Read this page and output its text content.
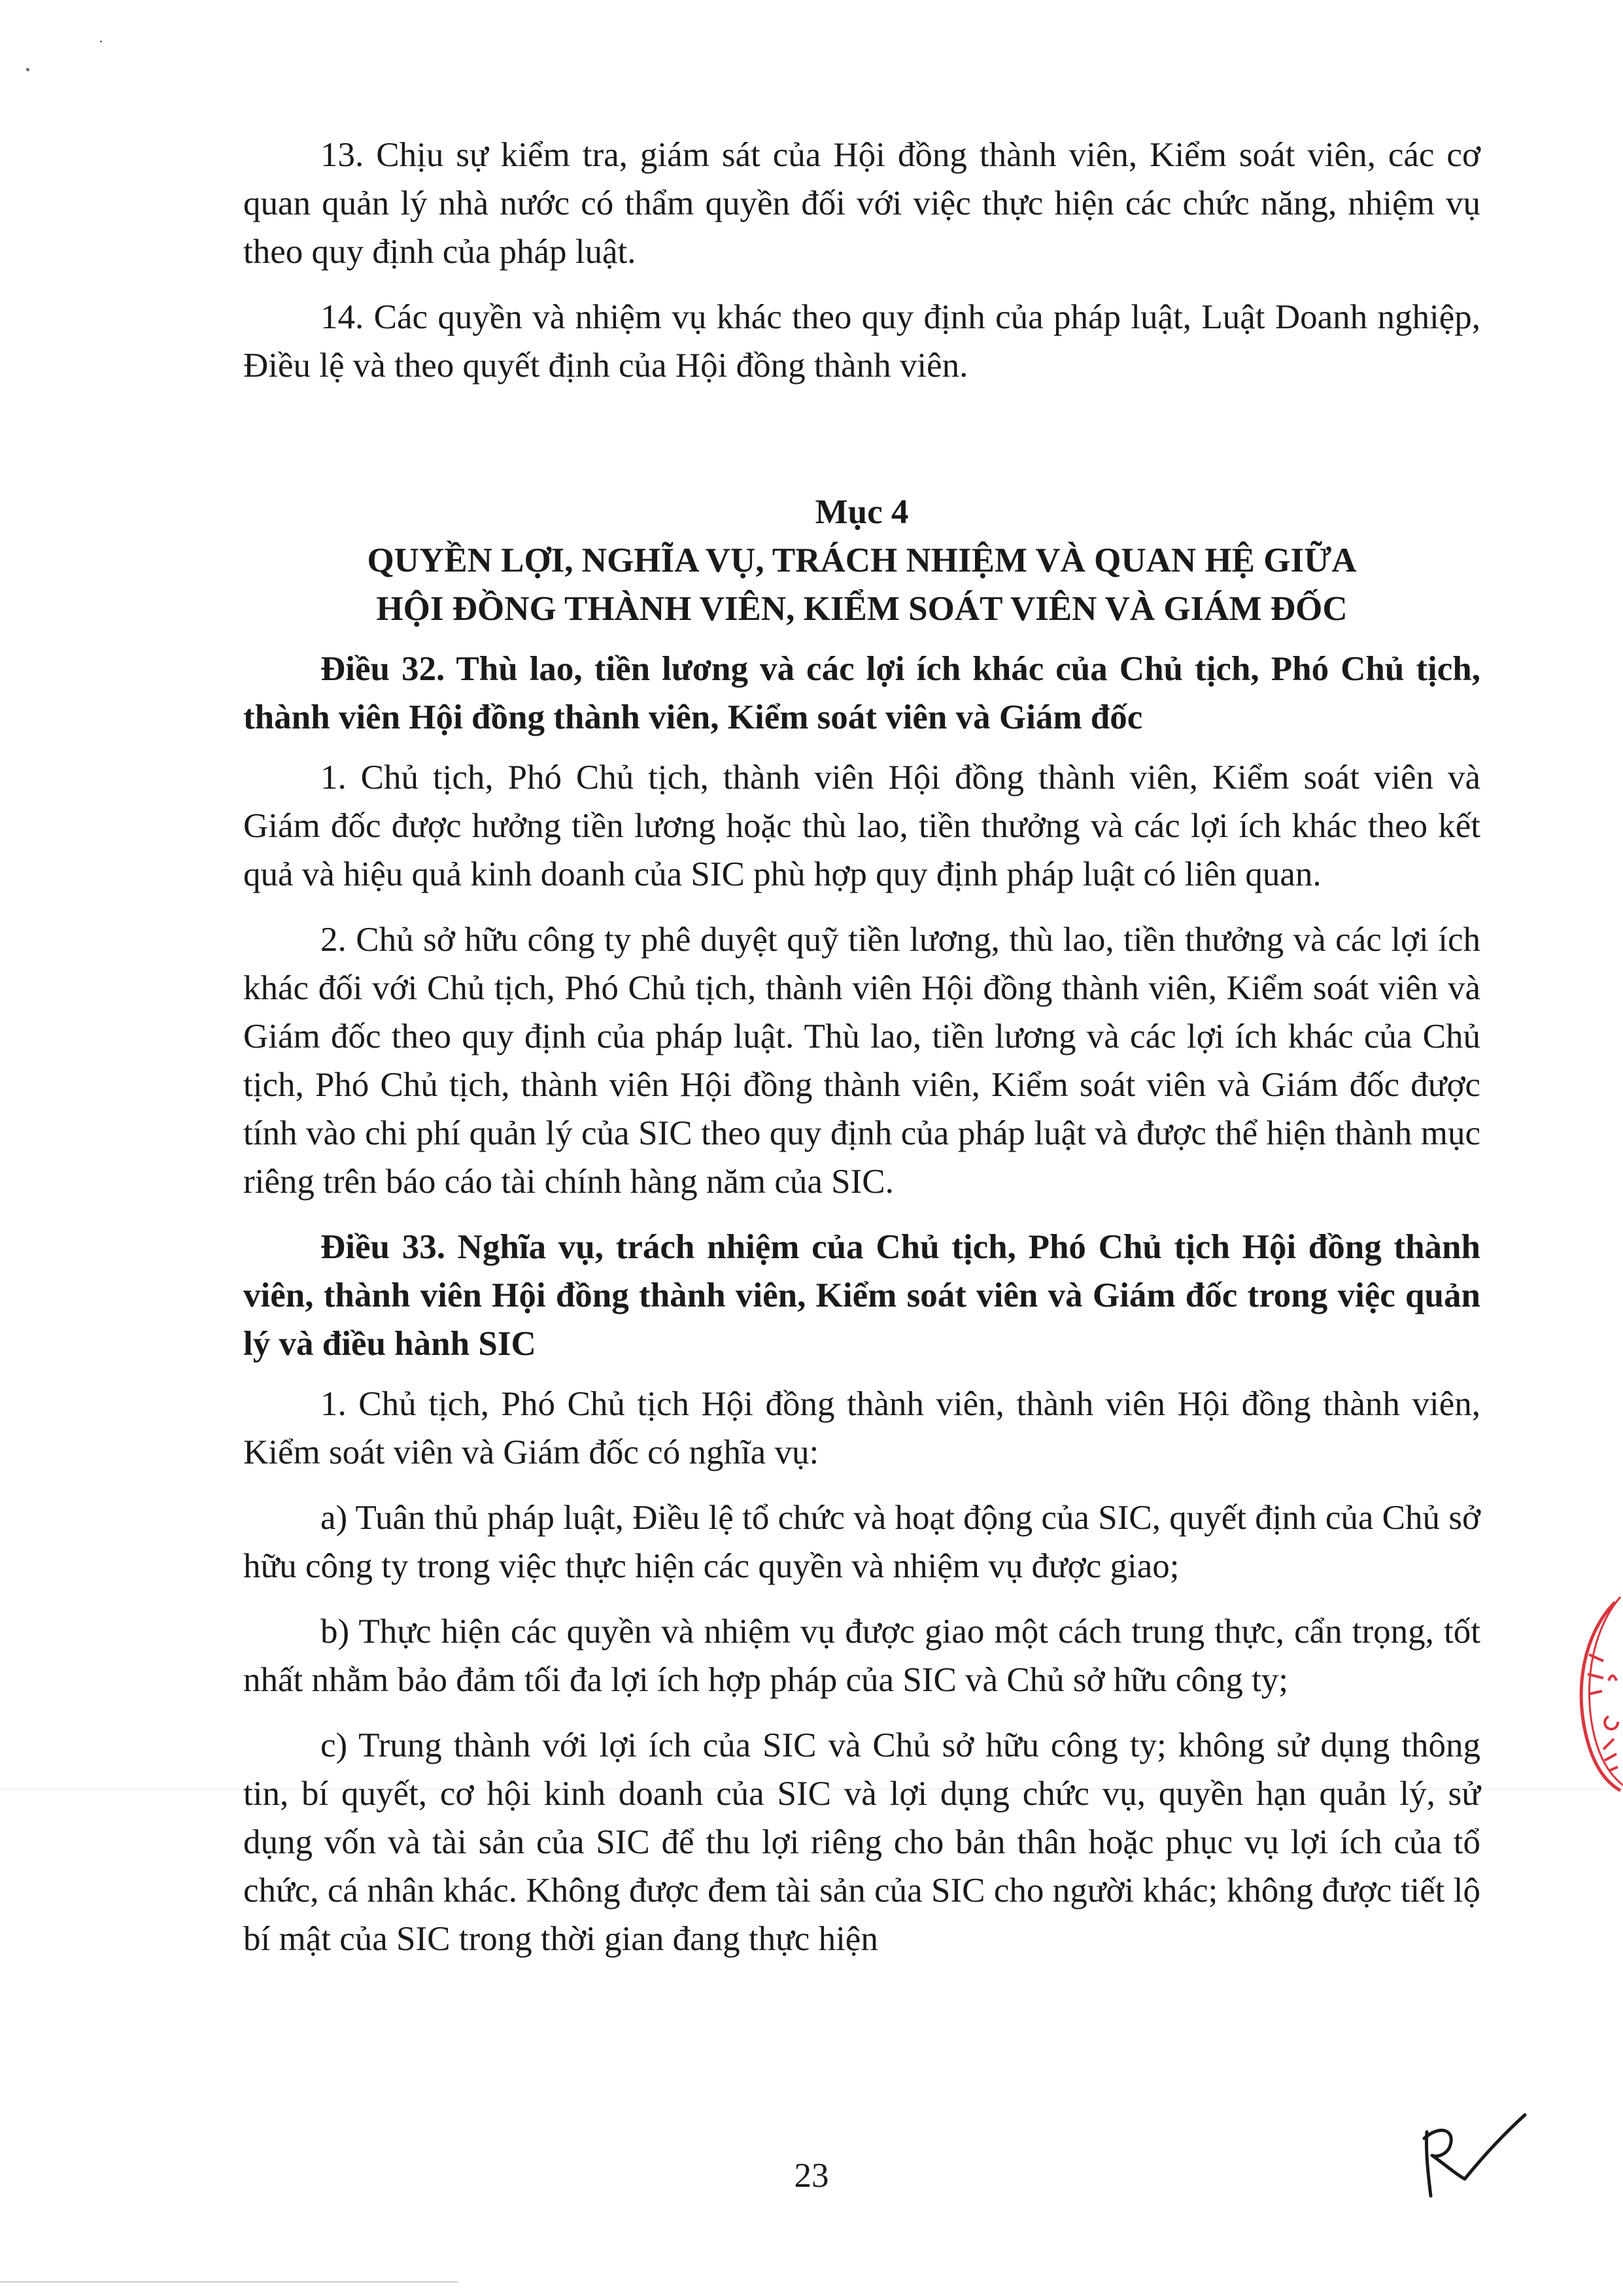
13. Chịu sự kiểm tra, giám sát của Hội đồng thành viên, Kiểm soát viên, các cơ quan quản lý nhà nước có thẩm quyền đối với việc thực hiện các chức năng, nhiệm vụ theo quy định của pháp luật.

14. Các quyền và nhiệm vụ khác theo quy định của pháp luật, Luật Doanh nghiệp, Điều lệ và theo quyết định của Hội đồng thành viên.

Mục 4

QUYỀN LỢI, NGHĨA VỤ, TRÁCH NHIỆM VÀ QUAN HỆ GIỮA

HỘI ĐỒNG THÀNH VIÊN, KIỂM SOÁT VIÊN VÀ GIÁM ĐỐC

Điều 32. Thù lao, tiền lương và các lợi ích khác của Chủ tịch, Phó Chủ tịch, thành viên Hội đồng thành viên, Kiểm soát viên và Giám đốc

1. Chủ tịch, Phó Chủ tịch, thành viên Hội đồng thành viên, Kiểm soát viên và Giám đốc được hưởng tiền lương hoặc thù lao, tiền thưởng và các lợi ích khác theo kết quả và hiệu quả kinh doanh của SIC phù hợp quy định pháp luật có liên quan.

2. Chủ sở hữu công ty phê duyệt quỹ tiền lương, thù lao, tiền thưởng và các lợi ích khác đối với Chủ tịch, Phó Chủ tịch, thành viên Hội đồng thành viên, Kiểm soát viên và Giám đốc theo quy định của pháp luật. Thù lao, tiền lương và các lợi ích khác của Chủ tịch, Phó Chủ tịch, thành viên Hội đồng thành viên, Kiểm soát viên và Giám đốc được tính vào chi phí quản lý của SIC theo quy định của pháp luật và được thể hiện thành mục riêng trên báo cáo tài chính hàng năm của SIC.

Điều 33. Nghĩa vụ, trách nhiệm của Chủ tịch, Phó Chủ tịch Hội đồng thành viên, thành viên Hội đồng thành viên, Kiểm soát viên và Giám đốc trong việc quản lý và điều hành SIC

1. Chủ tịch, Phó Chủ tịch Hội đồng thành viên, thành viên Hội đồng thành viên, Kiểm soát viên và Giám đốc có nghĩa vụ:

a) Tuân thủ pháp luật, Điều lệ tổ chức và hoạt động của SIC, quyết định của Chủ sở hữu công ty trong việc thực hiện các quyền và nhiệm vụ được giao;

b) Thực hiện các quyền và nhiệm vụ được giao một cách trung thực, cẩn trọng, tốt nhất nhằm bảo đảm tối đa lợi ích hợp pháp của SIC và Chủ sở hữu công ty;

c) Trung thành với lợi ích của SIC và Chủ sở hữu công ty; không sử dụng thông tin, bí quyết, cơ hội kinh doanh của SIC và lợi dụng chức vụ, quyền hạn quản lý, sử dụng vốn và tài sản của SIC để thu lợi riêng cho bản thân hoặc phục vụ lợi ích của tổ chức, cá nhân khác. Không được đem tài sản của SIC cho người khác; không được tiết lộ bí mật của SIC trong thời gian đang thực hiện

23
